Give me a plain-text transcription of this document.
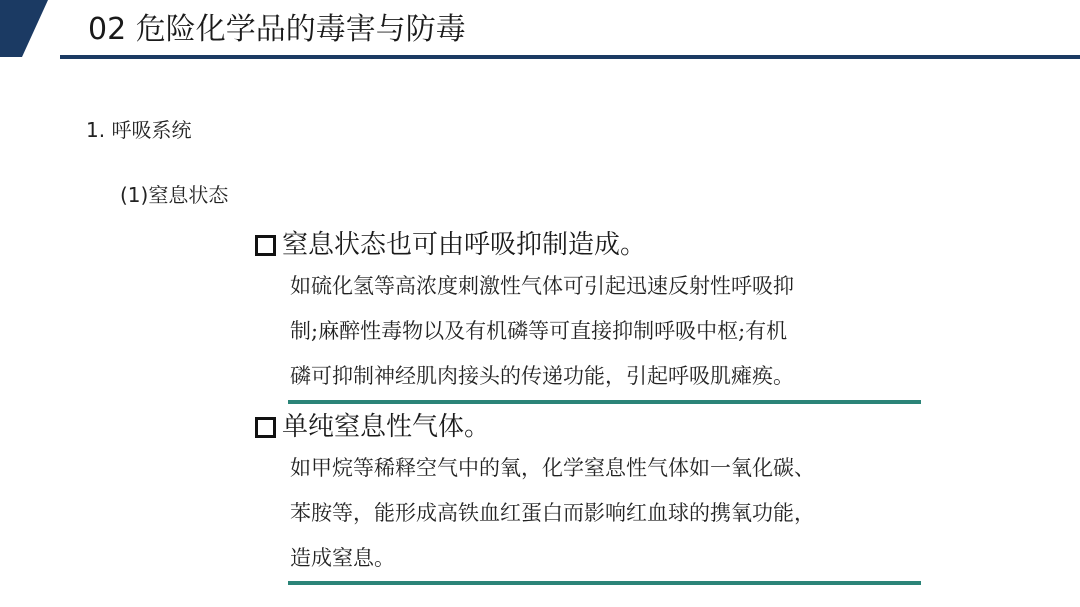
02 危险化学品的毒害与防毒
1. 呼吸系统
(1)窒息状态
窒息状态也可由呼吸抑制造成。
如硫化氢等高浓度刺激性气体可引起迅速反射性呼吸抑
制;麻醉性毒物以及有机磷等可直接抑制呼吸中枢;有机
磷可抑制神经肌肉接头的传递功能，引起呼吸肌瘫痪。
单纯窒息性气体。
如甲烷等稀释空气中的氧，化学窒息性气体如一氧化碳、
苯胺等，能形成高铁血红蛋白而影响红血球的携氧功能，
造成窒息。
